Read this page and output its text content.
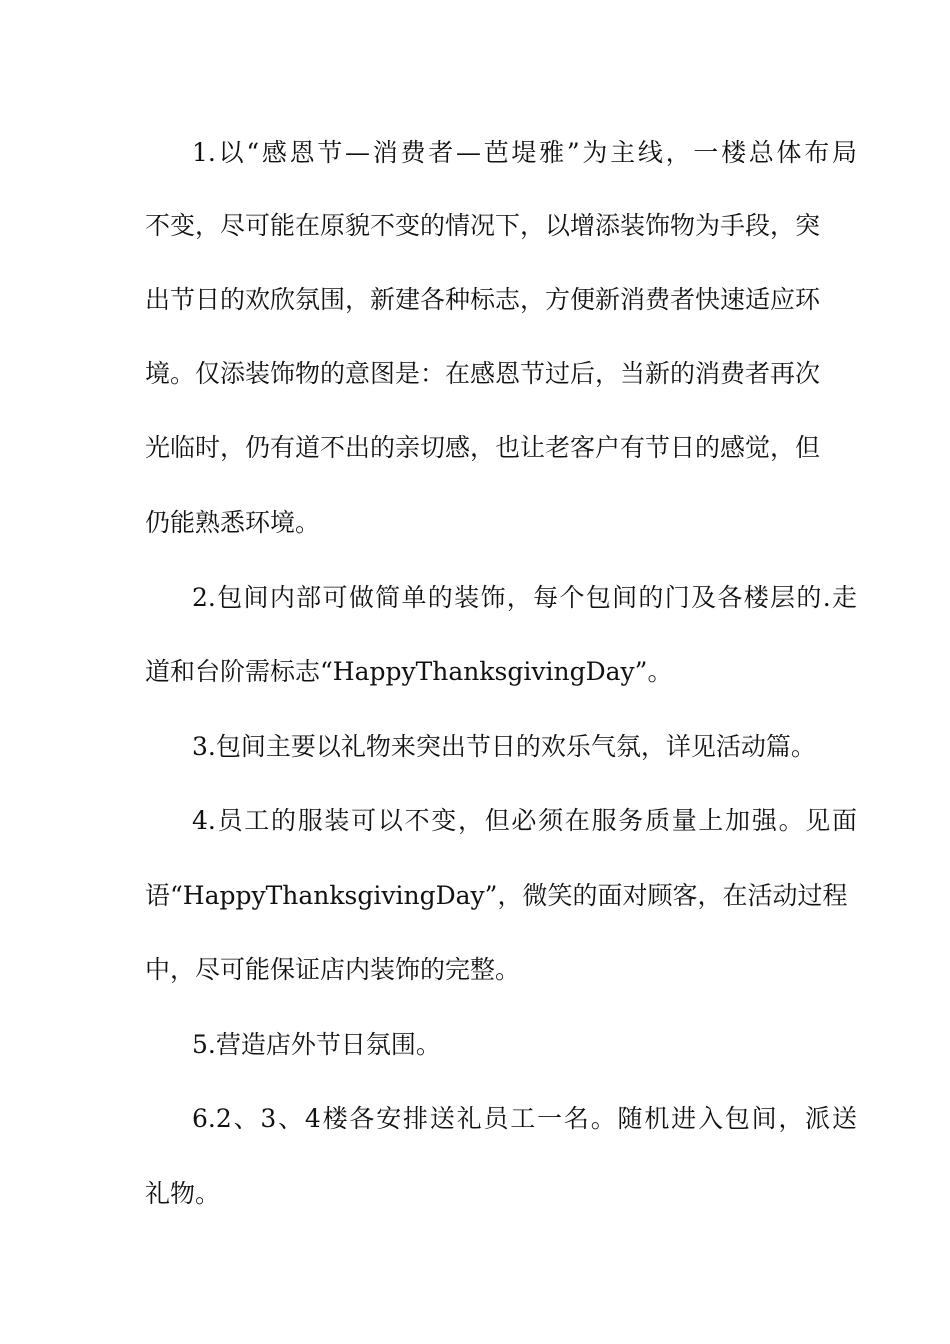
1.以“感恩节—消费者—芭堤雅”为主线，一楼总体布局

不变，尽可能在原貌不变的情况下，以增添装饰物为手段，突

出节日的欢欣氛围，新建各种标志，方便新消费者快速适应环

境。仅添装饰物的意图是：在感恩节过后，当新的消费者再次

光临时，仍有道不出的亲切感，也让老客户有节日的感觉，但

仍能熟悉环境。

2.包间内部可做简单的装饰，每个包间的门及各楼层的.走

道和台阶需标志“HappyThanksgivingDay”。

3.包间主要以礼物来突出节日的欢乐气氛，详见活动篇。

4.员工的服装可以不变，但必须在服务质量上加强。见面

语“HappyThanksgivingDay”，微笑的面对顾客，在活动过程

中，尽可能保证店内装饰的完整。

5.营造店外节日氛围。

6.2、3、4楼各安排送礼员工一名。随机进入包间，派送

礼物。
